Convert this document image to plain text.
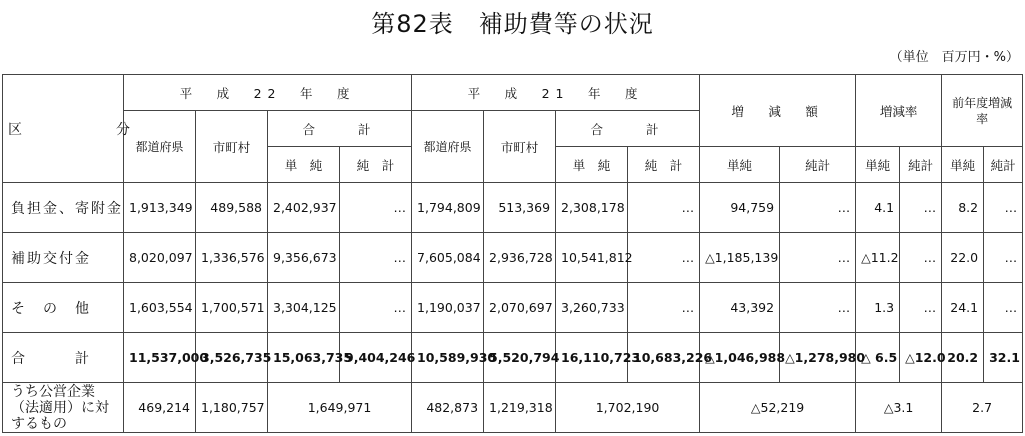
第82表　補助費等の状況
（単位　百万円・%）
区　分	平　成　22　年　度				平　成　21　年　度				増　減　額		増減率		前年度増減率	
	都道府県	市町村	合　　計		都道府県	市町村	合　　計							
			単　純	純　計			単　純	純　計	単純	純計	単純	純計	単純	純計
負担金、寄附金	1,913,349	489,588	2,402,937	…	1,794,809	513,369	2,308,178	…	94,759	…	4.1	…	8.2	…
補助交付金	8,020,097	1,336,576	9,356,673	…	7,605,084	2,936,728	10,541,812	…	△1,185,139	…	△11.2	…	22.0	…
そ　の　他	1,603,554	1,700,571	3,304,125	…	1,190,037	2,070,697	3,260,733	…	43,392	…	1.3	…	24.1	…
合　　　計	11,537,000	3,526,735	15,063,735	9,404,246	10,589,930	5,520,794	16,110,723	10,683,226	△1,046,988	△1,278,980	△ 6.5	△12.0	20.2	32.1
うち公営企業（法適用）に対するもの	469,214	1,180,757	1,649,971		482,873	1,219,318	1,702,190		△52,219		△3.1		2.7	
